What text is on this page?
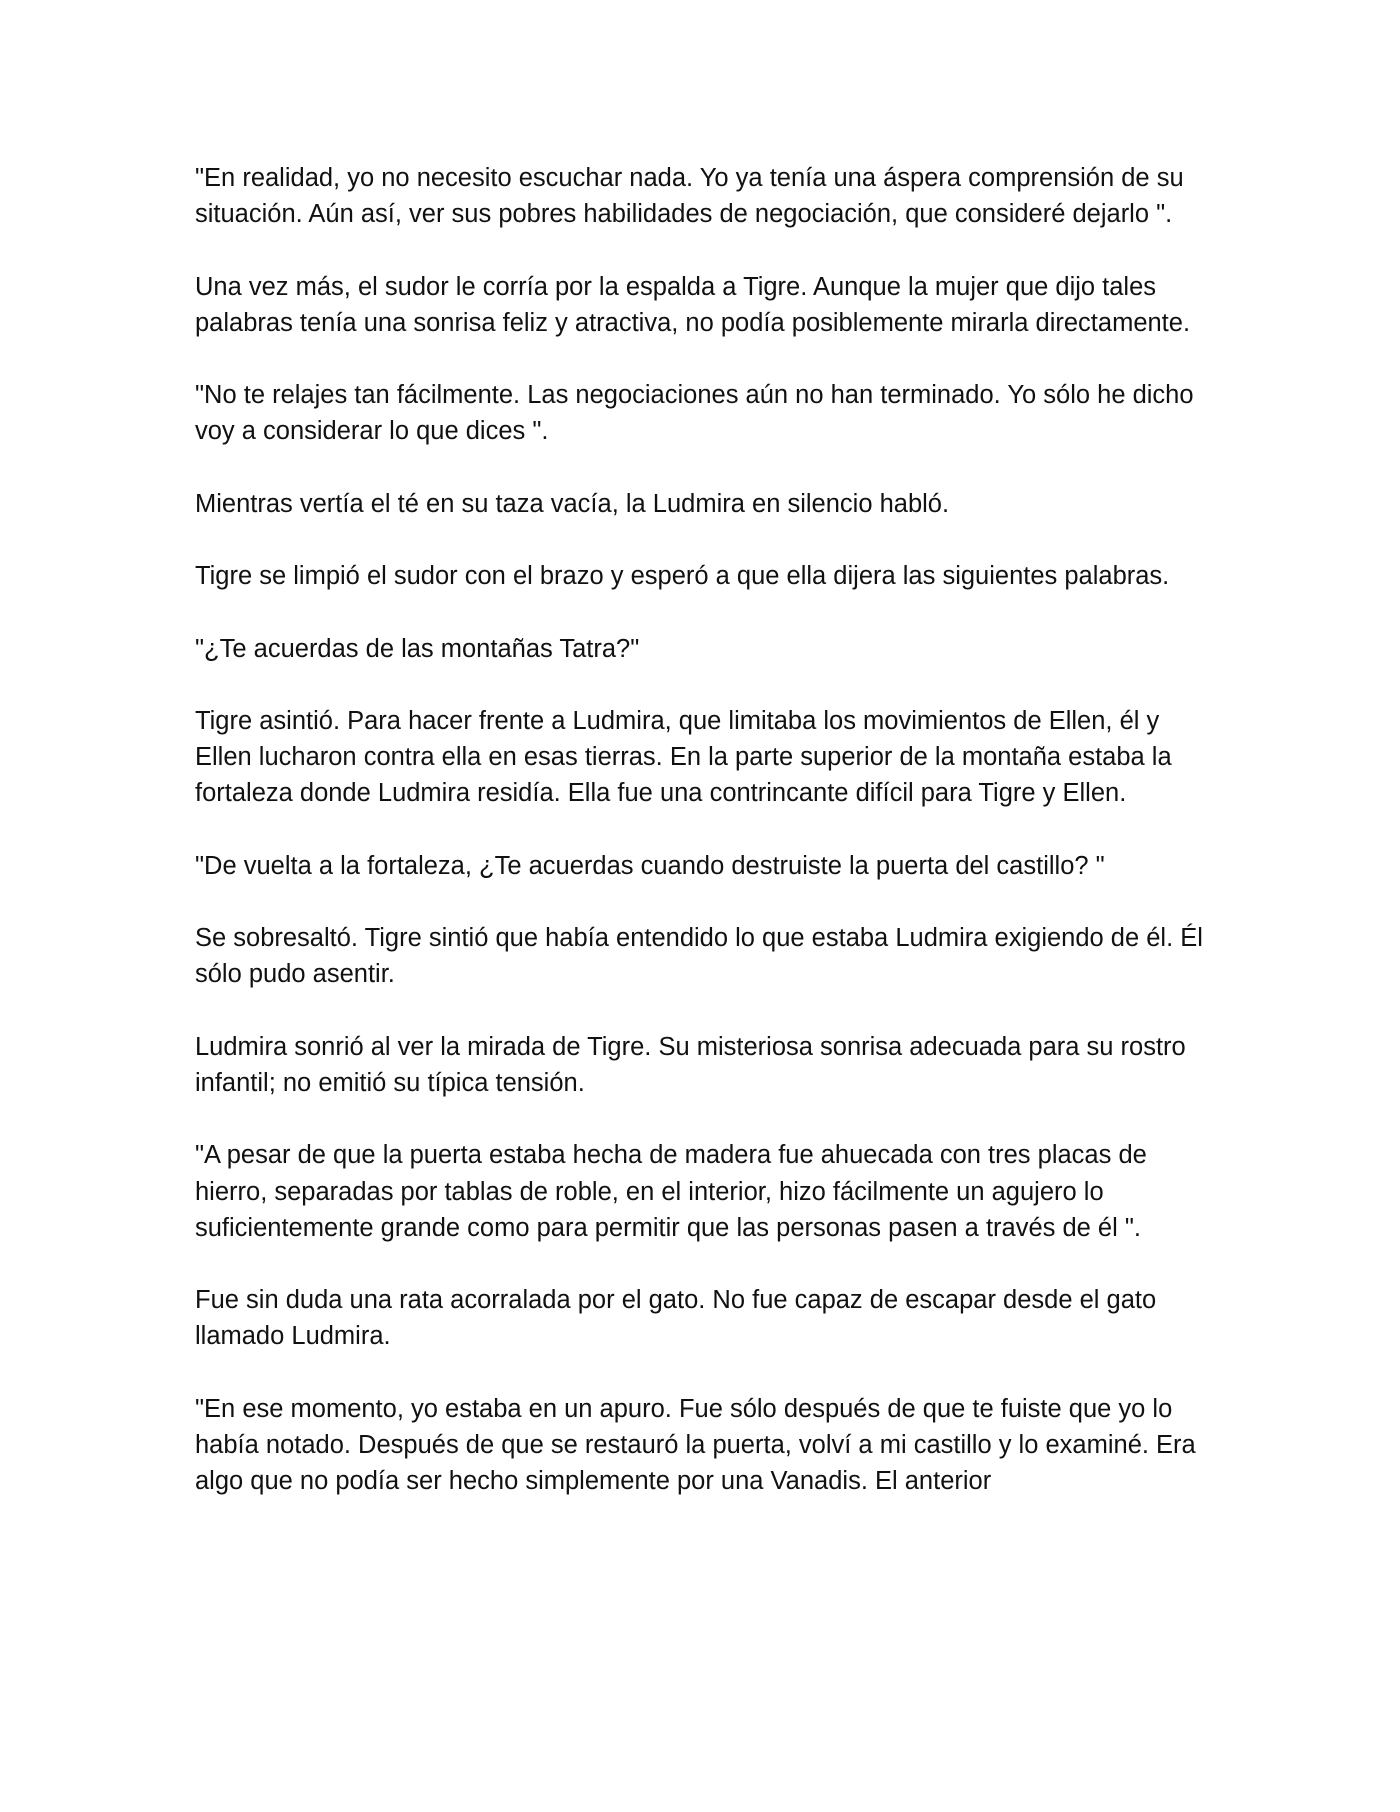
"En realidad, yo no necesito escuchar nada. Yo ya tenía una áspera comprensión de su situación. Aún así, ver sus pobres habilidades de negociación, que consideré dejarlo ".

Una vez más, el sudor le corría por la espalda a Tigre. Aunque la mujer que dijo tales palabras tenía una sonrisa feliz y atractiva, no podía posiblemente mirarla directamente.

"No te relajes tan fácilmente. Las negociaciones aún no han terminado. Yo sólo he dicho voy a considerar lo que dices ".

Mientras vertía el té en su taza vacía, la Ludmira en silencio habló.

Tigre se limpió el sudor con el brazo y esperó a que ella dijera las siguientes palabras.

"¿Te acuerdas de las montañas Tatra?"

Tigre asintió. Para hacer frente a Ludmira, que limitaba los movimientos de Ellen, él y Ellen lucharon contra ella en esas tierras. En la parte superior de la montaña estaba la fortaleza donde Ludmira residía. Ella fue una contrincante difícil para Tigre y Ellen.

"De vuelta a la fortaleza, ¿Te acuerdas cuando destruiste la puerta del castillo? "

Se sobresaltó. Tigre sintió que había entendido lo que estaba Ludmira exigiendo de él. Él sólo pudo asentir.

Ludmira sonrió al ver la mirada de Tigre. Su misteriosa sonrisa adecuada para su rostro infantil; no emitió su típica tensión.

"A pesar de que la puerta estaba hecha de madera fue ahuecada con tres placas de hierro, separadas por tablas de roble, en el interior, hizo fácilmente un agujero lo suficientemente grande como para permitir que las personas pasen a través de él ".

Fue sin duda una rata acorralada por el gato. No fue capaz de escapar desde el gato llamado Ludmira.

"En ese momento, yo estaba en un apuro. Fue sólo después de que te fuiste que yo lo había notado. Después de que se restauró la puerta, volví a mi castillo y lo examiné. Era algo que no podía ser hecho simplemente por una Vanadis. El anterior
